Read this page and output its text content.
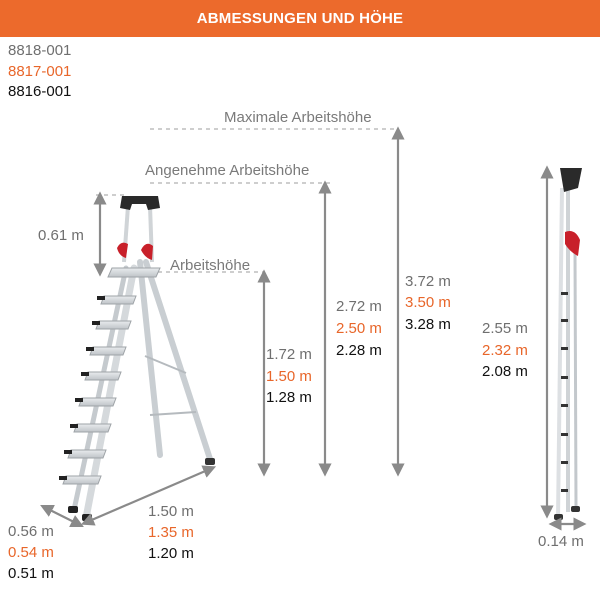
ABMESSUNGEN UND HÖHE
8818-001
8817-001
8816-001
Maximale Arbeitshöhe
Angenehme Arbeitshöhe
Arbeitshöhe
0.61 m
1.72 m
1.50 m
1.28 m
2.72 m
2.50 m
2.28 m
3.72 m
3.50 m
3.28 m 2.55 m
2.32 m
2.08 m
1.50 m
1.35 m
1.20 m
0.56 m
0.54 m
0.51 m
0.14 m
